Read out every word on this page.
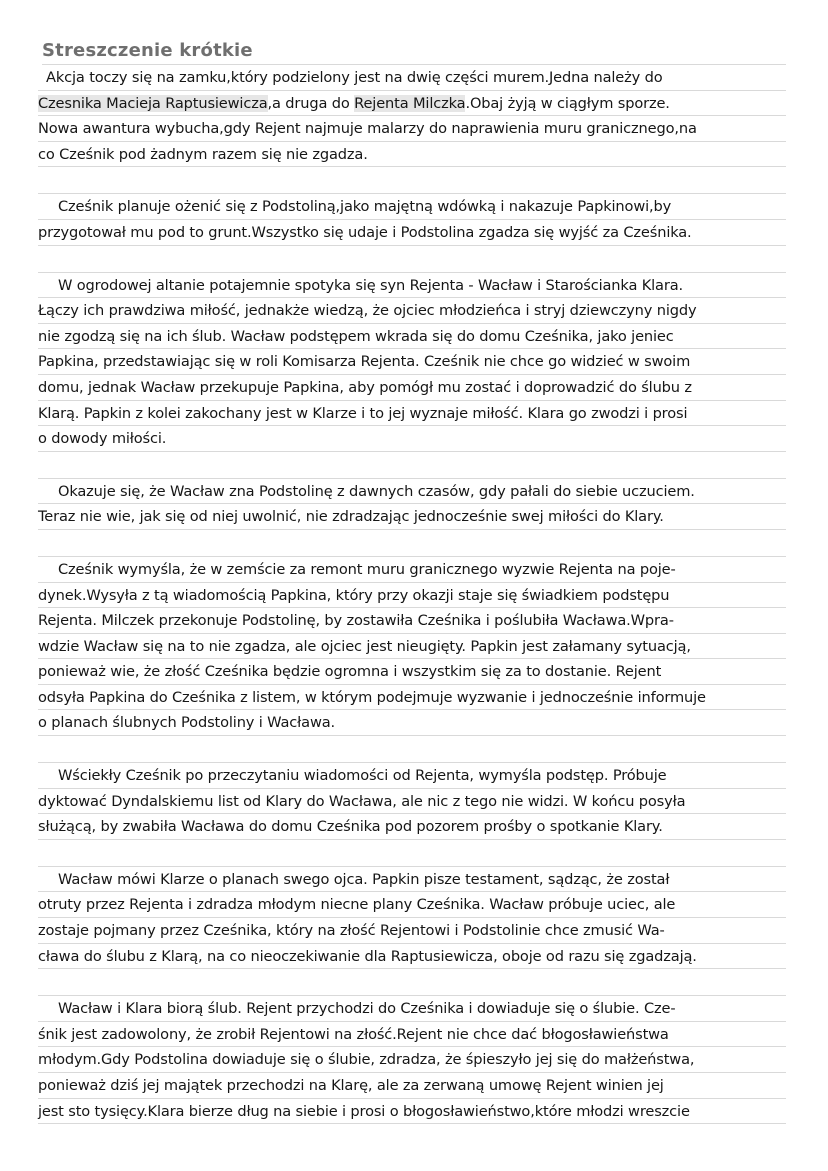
Streszczenie krótkie
Akcja toczy się na zamku,który podzielony jest na dwię części murem.Jedna należy do
Czesnika Macieja Raptusiewicza,a druga do Rejenta Milczka.Obaj żyją w ciągłym sporze.
Nowa awantura wybucha,gdy Rejent najmuje malarzy do naprawienia muru granicznego,na
co Cześnik pod żadnym razem się nie zgadza.
Cześnik planuje ożenić się z Podstoliną,jako majętną wdówką i nakazuje Papkinowi,by
przygotował mu pod to grunt.Wszystko się udaje i Podstolina zgadza się wyjść za Cześnika.
W ogrodowej altanie potajemnie spotyka się syn Rejenta - Wacław i Starościanka Klara.
Łączy ich prawdziwa miłość, jednakże wiedzą, że ojciec młodzieńca i stryj dziewczyny nigdy
nie zgodzą się na ich ślub. Wacław podstępem wkrada się do domu Cześnika, jako jeniec
Papkina, przedstawiając się w roli Komisarza Rejenta. Cześnik nie chce go widzieć w swoim
domu, jednak Wacław przekupuje Papkina, aby pomógł mu zostać i doprowadzić do ślubu z
Klarą. Papkin z kolei zakochany jest w Klarze i to jej wyznaje miłość. Klara go zwodzi i prosi
o dowody miłości.
Okazuje się, że Wacław zna Podstolinę z dawnych czasów, gdy pałali do siebie uczuciem.
Teraz nie wie, jak się od niej uwolnić, nie zdradzając jednocześnie swej miłości do Klary.
Cześnik wymyśla, że w zemście za remont muru granicznego wyzwie Rejenta na poje-
dynek.Wysyła z tą wiadomością Papkina, który przy okazji staje się świadkiem podstępu
Rejenta. Milczek przekonuje Podstolinę, by zostawiła Cześnika i poślubiła Wacława.Wpra-
wdzie Wacław się na to nie zgadza, ale ojciec jest nieugięty. Papkin jest załamany sytuacją,
ponieważ wie, że złość Cześnika będzie ogromna i wszystkim się za to dostanie. Rejent
odsyła Papkina do Cześnika z listem, w którym podejmuje wyzwanie i jednocześnie informuje
o planach ślubnych Podstoliny i Wacława.
Wściekły Cześnik po przeczytaniu wiadomości od Rejenta, wymyśla podstęp. Próbuje
dyktować Dyndalskiemu list od Klary do Wacława, ale nic z tego nie widzi. W końcu posyła
służącą, by zwabiła Wacława do domu Cześnika pod pozorem prośby o spotkanie Klary.
Wacław mówi Klarze o planach swego ojca. Papkin pisze testament, sądząc, że został
otruty przez Rejenta i zdradza młodym niecne plany Cześnika. Wacław próbuje uciec, ale
zostaje pojmany przez Cześnika, który na złość Rejentowi i Podstolinie chce zmusić Wa-
cława do ślubu z Klarą, na co nieoczekiwanie dla Raptusiewicza, oboje od razu się zgadzają.
Wacław i Klara biorą ślub. Rejent przychodzi do Cześnika i dowiaduje się o ślubie. Cze-
śnik jest zadowolony, że zrobił Rejentowi na złość.Rejent nie chce dać błogosławieństwa
młodym.Gdy Podstolina dowiaduje się o ślubie, zdradza, że śpieszyło jej się do małżeństwa,
ponieważ dziś jej majątek przechodzi na Klarę, ale za zerwaną umowę Rejent winien jej
jest sto tysięcy.Klara bierze dług na siebie i prosi o błogosławieństwo,które młodzi wreszcie
